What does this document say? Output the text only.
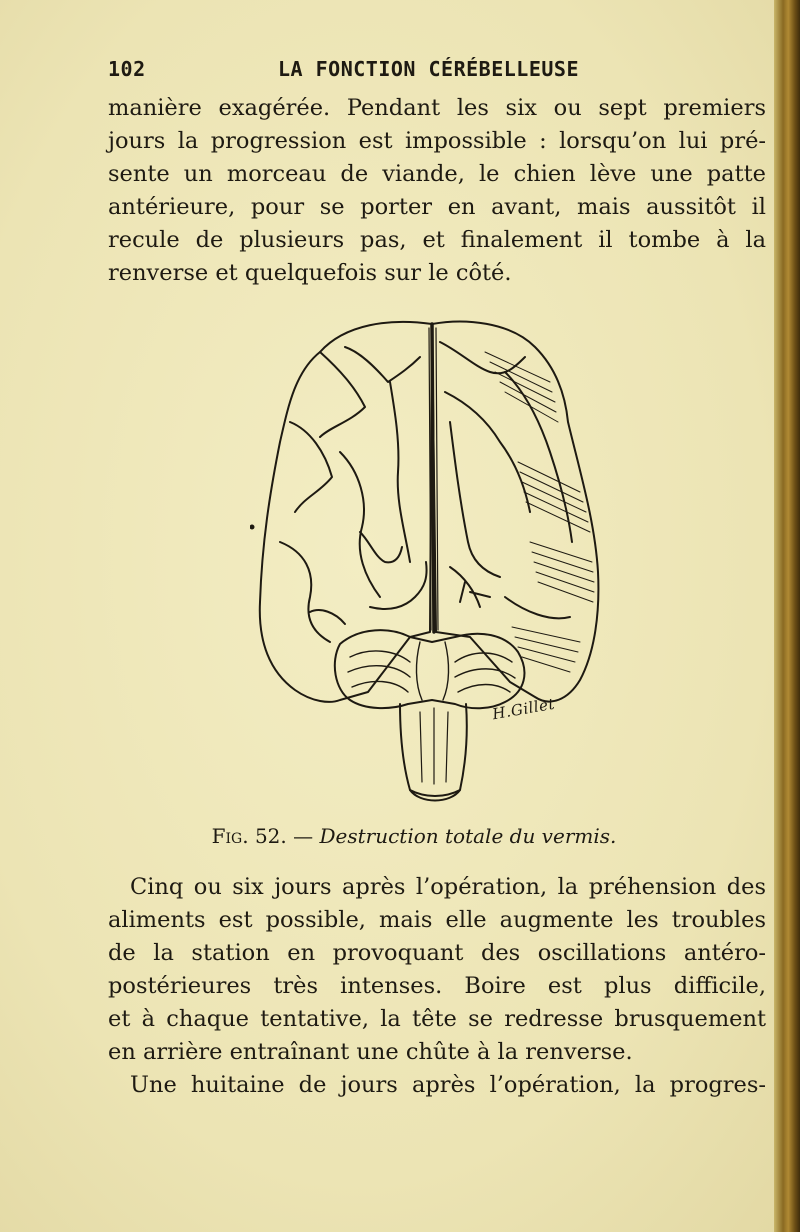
102	LA FONCTION CÉRÉBELLEUSE

manière exagérée. Pendant les six ou sept premiers
jours la progression est impossible : lorsqu’on lui pré-
sente un morceau de viande, le chien lève une patte
antérieure, pour se porter en avant, mais aussitôt il
recule de plusieurs pas, et finalement il tombe à la
renverse et quelquefois sur le côté.

H.Gillet
Fig. 52. — Destruction totale du vermis.

Cinq ou six jours après l’opération, la préhension des
aliments est possible, mais elle augmente les troubles
de la station en provoquant des oscillations antéro-
postérieures très intenses. Boire est plus difficile,
et à chaque tentative, la tête se redresse brusquement
en arrière entraînant une chûte à la renverse.

Une huitaine de jours après l’opération, la progres-
